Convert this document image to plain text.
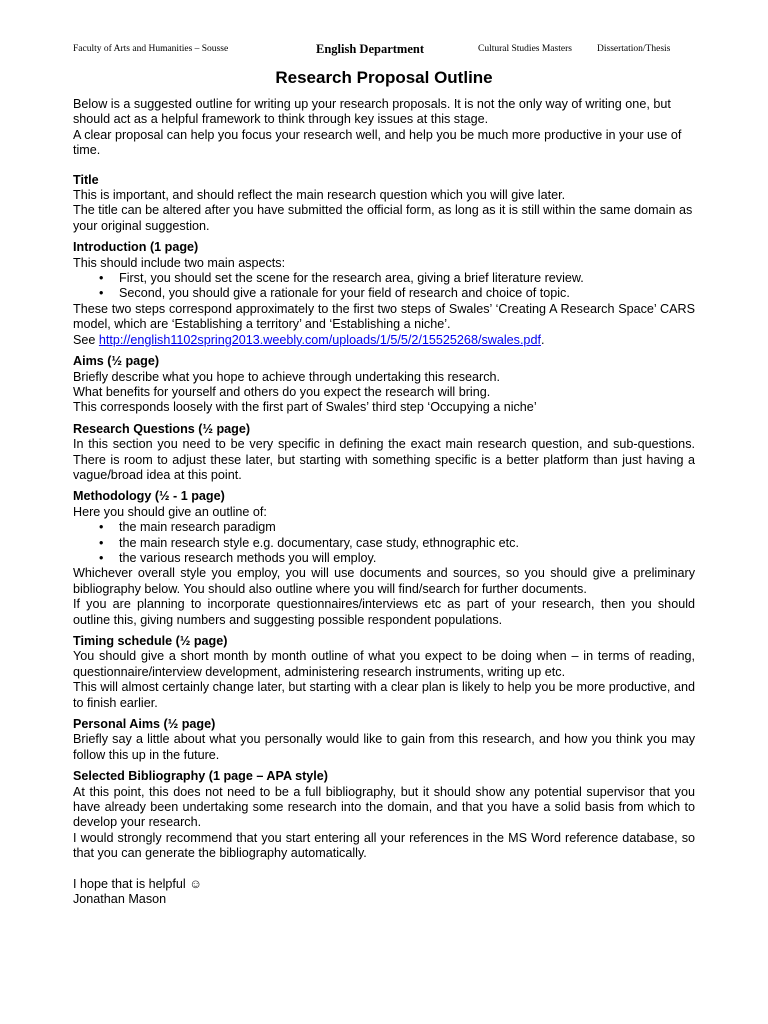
Faculty of Arts and Humanities – Sousse	English Department	Cultural Studies Masters	Dissertation/Thesis
Research Proposal Outline

Below is a suggested outline for writing up your research proposals. It is not the only way of writing one, but should act as a helpful framework to think through key issues at this stage.

A clear proposal can help you focus your research well, and help you be much more productive in your use of time.

Title

This is important, and should reflect the main research question which you will give later.

The title can be altered after you have submitted the official form, as long as it is still within the same domain as your original suggestion.

Introduction (1 page)

This should include two main aspects:

• First, you should set the scene for the research area, giving a brief literature review.
• Second, you should give a rationale for your field of research and choice of topic.

These two steps correspond approximately to the first two steps of Swales’ ‘Creating A Research Space’ CARS model, which are ‘Establishing a territory’ and ‘Establishing a niche’.

See http://english1102spring2013.weebly.com/uploads/1/5/5/2/15525268/swales.pdf.

Aims (½ page)

Briefly describe what you hope to achieve through undertaking this research.

What benefits for yourself and others do you expect the research will bring.

This corresponds loosely with the first part of Swales’ third step ‘Occupying a niche’

Research Questions (½ page)

In this section you need to be very specific in defining the exact main research question, and sub-questions. There is room to adjust these later, but starting with something specific is a better platform than just having a vague/broad idea at this point.

Methodology (½ - 1 page)

Here you should give an outline of:

• the main research paradigm
• the main research style e.g. documentary, case study, ethnographic etc.
• the various research methods you will employ.

Whichever overall style you employ, you will use documents and sources, so you should give a preliminary bibliography below. You should also outline where you will find/search for further documents.

If you are planning to incorporate questionnaires/interviews etc as part of your research, then you should outline this, giving numbers and suggesting possible respondent populations.

Timing schedule (½ page)

You should give a short month by month outline of what you expect to be doing when – in terms of reading, questionnaire/interview development, administering research instruments, writing up etc.

This will almost certainly change later, but starting with a clear plan is likely to help you be more productive, and to finish earlier.

Personal Aims (½ page)

Briefly say a little about what you personally would like to gain from this research, and how you think you may follow this up in the future.

Selected Bibliography (1 page – APA style)

At this point, this does not need to be a full bibliography, but it should show any potential supervisor that you have already been undertaking some research into the domain, and that you have a solid basis from which to develop your research.

I would strongly recommend that you start entering all your references in the MS Word reference database, so that you can generate the bibliography automatically.

I hope that is helpful ☺

Jonathan Mason
